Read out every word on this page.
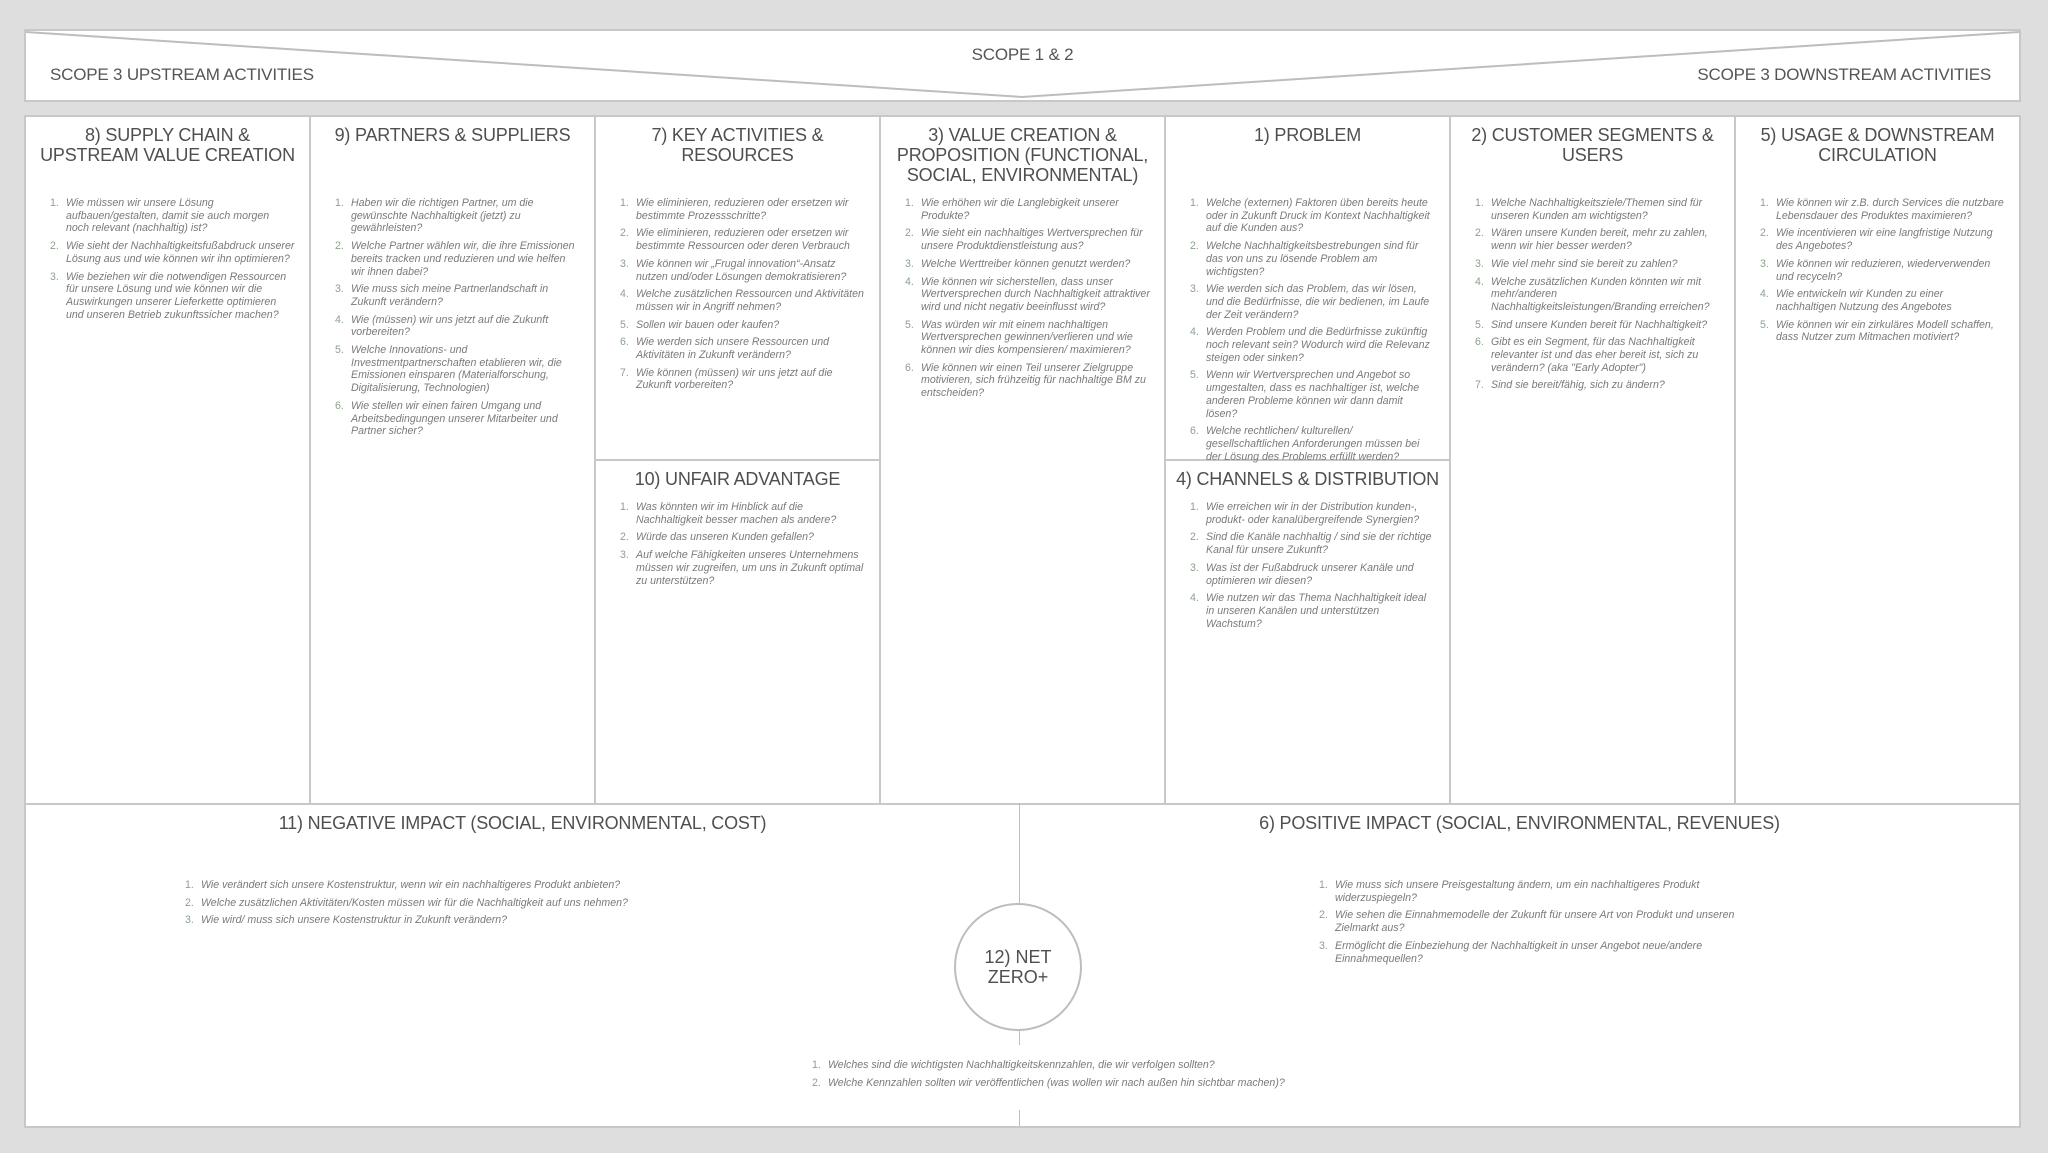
SCOPE 3 UPSTREAM ACTIVITIES
SCOPE 1 & 2
SCOPE 3 DOWNSTREAM ACTIVITIES
8) SUPPLY CHAIN & UPSTREAM VALUE CREATION
Wie müssen wir unsere Lösung aufbauen/gestalten, damit sie auch morgen noch relevant (nachhaltig) ist?
Wie sieht der Nachhaltigkeitsfußabdruck unserer Lösung aus und wie können wir ihn optimieren?
Wie beziehen wir die notwendigen Ressourcen für unsere Lösung und wie können wir die Auswirkungen unserer Lieferkette optimieren und unseren Betrieb zukunftssicher machen?
9) PARTNERS & SUPPLIERS
Haben wir die richtigen Partner, um die gewünschte Nachhaltigkeit (jetzt) zu gewährleisten?
Welche Partner wählen wir, die ihre Emissionen bereits tracken und reduzieren und wie helfen wir ihnen dabei?
Wie muss sich meine Partnerlandschaft in Zukunft verändern?
Wie (müssen) wir uns jetzt auf die Zukunft vorbereiten?
Welche Innovations- und Investmentpartnerschaften etablieren wir, die Emissionen einsparen (Materialforschung, Digitalisierung, Technologien)
Wie stellen wir einen fairen Umgang und Arbeitsbedingungen unserer Mitarbeiter und Partner sicher?
7) KEY ACTIVITIES & RESOURCES
Wie eliminieren, reduzieren oder ersetzen wir bestimmte Prozessschritte?
Wie eliminieren, reduzieren oder ersetzen wir bestimmte Ressourcen oder deren Verbrauch
Wie können wir „Frugal innovation“-Ansatz nutzen und/oder Lösungen demokratisieren?
Welche zusätzlichen Ressourcen und Aktivitäten müssen wir in Angriff nehmen?
Sollen wir bauen oder kaufen?
Wie werden sich unsere Ressourcen und Aktivitäten in Zukunft verändern?
Wie können (müssen) wir uns jetzt auf die Zukunft vorbereiten?
10) UNFAIR ADVANTAGE
Was könnten wir im Hinblick auf die Nachhaltigkeit besser machen als andere?
Würde das unseren Kunden gefallen?
Auf welche Fähigkeiten unseres Unternehmens müssen wir zugreifen, um uns in Zukunft optimal zu unterstützen?
3) VALUE CREATION & PROPOSITION (FUNCTIONAL, SOCIAL, ENVIRONMENTAL)
Wie erhöhen wir die Langlebigkeit unserer Produkte?
Wie sieht ein nachhaltiges Wertversprechen für unsere Produktdienstleistung aus?
Welche Werttreiber können genutzt werden?
Wie können wir sicherstellen, dass unser Wertversprechen durch Nachhaltigkeit attraktiver wird und nicht negativ beeinflusst wird?
Was würden wir mit einem nachhaltigen Wertversprechen gewinnen/verlieren und wie können wir dies kompensieren/ maximieren?
Wie können wir einen Teil unserer Zielgruppe motivieren, sich frühzeitig für nachhaltige BM zu entscheiden?
1) PROBLEM
Welche (externen) Faktoren üben bereits heute oder in Zukunft Druck im Kontext Nachhaltigkeit auf die Kunden aus?
Welche Nachhaltigkeitsbestrebungen sind für das von uns zu lösende Problem am wichtigsten?
Wie werden sich das Problem, das wir lösen, und die Bedürfnisse, die wir bedienen, im Laufe der Zeit verändern?
Werden Problem und die Bedürfnisse zukünftig noch relevant sein? Wodurch wird die Relevanz steigen oder sinken?
Wenn wir Wertversprechen und Angebot so umgestalten, dass es nachhaltiger ist, welche anderen Probleme können wir dann damit lösen?
Welche rechtlichen/ kulturellen/ gesellschaftlichen Anforderungen müssen bei der Lösung des Problems erfüllt werden?
4) CHANNELS & DISTRIBUTION
Wie erreichen wir in der Distribution kunden-, produkt- oder kanalübergreifende Synergien?
Sind die Kanäle nachhaltig / sind sie der richtige Kanal für unsere Zukunft?
Was ist der Fußabdruck unserer Kanäle und optimieren wir diesen?
Wie nutzen wir das Thema Nachhaltigkeit ideal in unseren Kanälen und unterstützen Wachstum?
2) CUSTOMER SEGMENTS & USERS
Welche Nachhaltigkeitsziele/Themen sind für unseren Kunden am wichtigsten?
Wären unsere Kunden bereit, mehr zu zahlen, wenn wir hier besser werden?
Wie viel mehr sind sie bereit zu zahlen?
Welche zusätzlichen Kunden könnten wir mit mehr/anderen Nachhaltigkeitsleistungen/Branding erreichen?
Sind unsere Kunden bereit für Nachhaltigkeit?
Gibt es ein Segment, für das Nachhaltigkeit relevanter ist und das eher bereit ist, sich zu verändern? (aka "Early Adopter")
Sind sie bereit/fähig, sich zu ändern?
5) USAGE & DOWNSTREAM CIRCULATION
Wie können wir z.B. durch Services die nutzbare Lebensdauer des Produktes maximieren?
Wie incentivieren wir eine langfristige Nutzung des Angebotes?
Wie können wir reduzieren, wiederverwenden und recyceln?
Wie entwickeln wir Kunden zu einer nachhaltigen Nutzung des Angebotes
Wie können wir ein zirkuläres Modell schaffen, dass Nutzer zum Mitmachen motiviert?
11) NEGATIVE IMPACT (SOCIAL, ENVIRONMENTAL, COST)
Wie verändert sich unsere Kostenstruktur, wenn wir ein nachhaltigeres Produkt anbieten?
Welche zusätzlichen Aktivitäten/Kosten müssen wir für die Nachhaltigkeit auf uns nehmen?
Wie wird/ muss sich unsere Kostenstruktur in Zukunft verändern?
6) POSITIVE IMPACT (SOCIAL, ENVIRONMENTAL, REVENUES)
Wie muss sich unsere Preisgestaltung ändern, um ein nachhaltigeres Produkt widerzuspiegeln?
Wie sehen die Einnahmemodelle der Zukunft für unsere Art von Produkt und unseren Zielmarkt aus?
Ermöglicht die Einbeziehung der Nachhaltigkeit in unser Angebot neue/andere Einnahmequellen?
12) NET ZERO+
Welches sind die wichtigsten Nachhaltigkeitskennzahlen, die wir verfolgen sollten?
Welche Kennzahlen sollten wir veröffentlichen (was wollen wir nach außen hin sichtbar machen)?
